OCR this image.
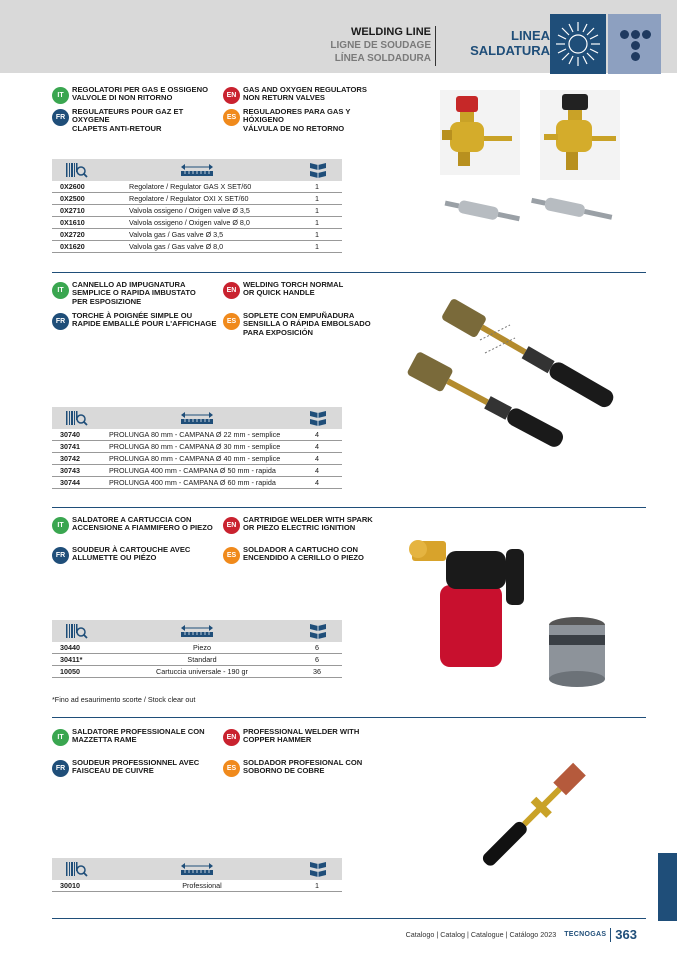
WELDING LINE
LIGNE DE SOUDAGE
LÍNEA SOLDADURA
LINEA
SALDATURA
IT
REGOLATORI PER GAS E OSSIGENO
VALVOLE DI NON RITORNO
FR
REGULATEURS POUR GAZ ET
OXYGENE
CLAPETS ANTI-RETOUR
EN
GAS AND OXYGEN REGULATORS
NON RETURN VALVES
ES
REGULADORES PARA GAS Y
HÓXIGENO
VÁLVULA DE NO RETORNO
0X2600	Regolatore / Regulator GAS X SET/60	1
0X2500	Regolatore / Regulator OXI X SET/60	1
0X2710	Valvola ossigeno / Oxigen valve Ø 3,5	1
0X1610	Valvola ossigeno / Oxigen valve Ø 8,0	1
0X2720	Valvola gas / Gas valve Ø 3,5	1
0X1620	Valvola gas / Gas valve Ø 8,0	1
IT
CANNELLO AD IMPUGNATURA
SEMPLICE O RAPIDA IMBUSTATO
PER ESPOSIZIONE
FR
TORCHE À POIGNÉE SIMPLE OU
RAPIDE EMBALLÉ POUR L'AFFICHAGE
EN
WELDING TORCH NORMAL
OR QUICK HANDLE
ES
SOPLETE CON EMPUÑADURA
SENSILLA O RÁPIDA EMBOLSADO
PARA EXPOSICIÓN
30740	PROLUNGA 80 mm - CAMPANA Ø 22 mm - semplice	4
30741	PROLUNGA 80 mm - CAMPANA Ø 30 mm - semplice	4
30742	PROLUNGA 80 mm - CAMPANA Ø 40 mm - semplice	4
30743	PROLUNGA 400 mm - CAMPANA Ø 50 mm - rapida	4
30744	PROLUNGA 400 mm - CAMPANA Ø 60 mm - rapida	4
IT
SALDATORE A CARTUCCIA CON
ACCENSIONE A FIAMMIFERO O PIEZO
FR
SOUDEUR À CARTOUCHE AVEC
ALLUMETTE OU PIÉZO
EN
CARTRIDGE WELDER WITH SPARK
OR PIEZO ELECTRIC IGNITION
ES
SOLDADOR A CARTUCHO CON
ENCENDIDO A CERILLO O PIEZO
30440	Piezo	6
30411*	Standard	6
10050	Cartuccia universale - 190 gr	36
*Fino ad esaurimento scorte / Stock clear out
IT
SALDATORE PROFESSIONALE CON
MAZZETTA RAME
FR
SOUDEUR PROFESSIONNEL AVEC
FAISCEAU DE CUIVRE
EN
PROFESSIONAL WELDER WITH
COPPER HAMMER
ES
SOLDADOR PROFESIONAL CON
SOBORNO DE COBRE
30010	Professional	1
Catalogo | Catalog | Catalogue | Catálogo 2023 TECNOGAS 363
